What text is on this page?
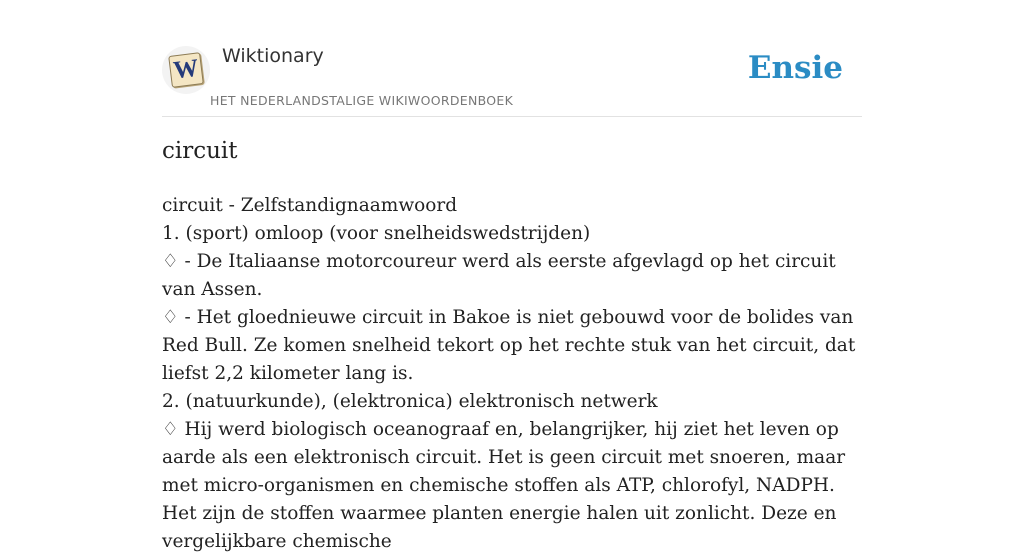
W Wiktionary
HET NEDERLANDSTALIGE WIKIWOORDENBOEK
Ensie
circuit

circuit - Zelfstandignaamwoord

1. (sport) omloop (voor snelheidswedstrijden)

♢ - De Italiaanse motorcoureur werd als eerste afgevlagd op het circuit van Assen.

♢ - Het gloednieuwe circuit in Bakoe is niet gebouwd voor de bolides van Red Bull. Ze komen snelheid tekort op het rechte stuk van het circuit, dat liefst 2,2 kilometer lang is.

2. (natuurkunde), (elektronica) elektronisch netwerk

♢ Hij werd biologisch oceanograaf en, belangrijker, hij ziet het leven op aarde als een elektronisch circuit. Het is geen circuit met snoeren, maar met micro-organismen en chemische stoffen als ATP, chlorofyl, NADPH. Het zijn de stoffen waarmee planten energie halen uit zonlicht. Deze en vergelijkbare chemische
